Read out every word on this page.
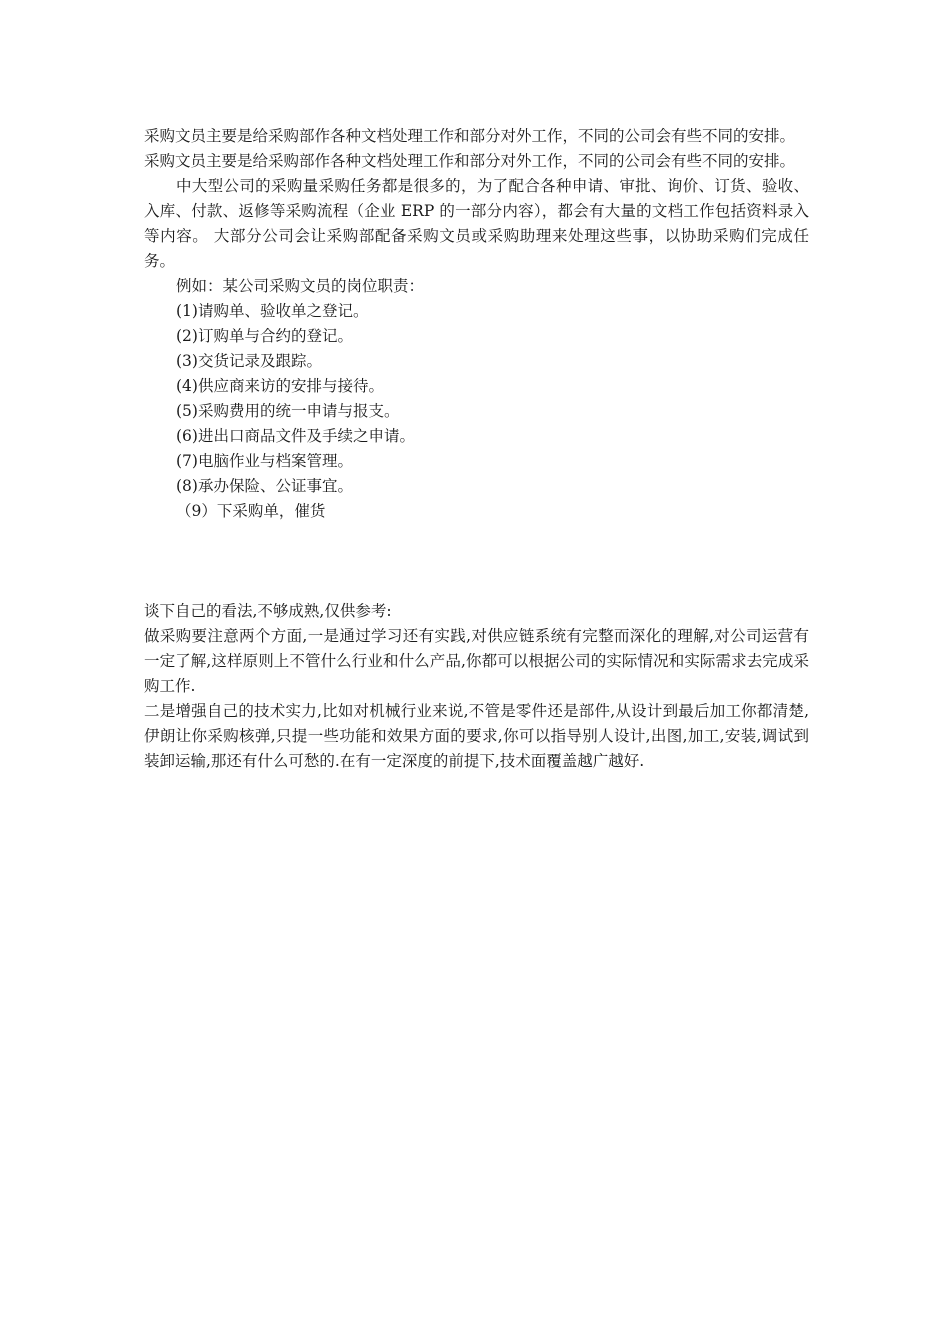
采购文员主要是给采购部作各种文档处理工作和部分对外工作，不同的公司会有些不同的安排。

采购文员主要是给采购部作各种文档处理工作和部分对外工作，不同的公司会有些不同的安排。

中大型公司的采购量采购任务都是很多的，为了配合各种申请、审批、询价、订货、验收、入库、付款、返修等采购流程（企业 ERP 的一部分内容），都会有大量的文档工作包括资料录入等内容。 大部分公司会让采购部配备采购文员或采购助理来处理这些事，以协助采购们完成任务。

例如：某公司采购文员的岗位职责：

(1)请购单、验收单之登记。

(2)订购单与合约的登记。

(3)交货记录及跟踪。

(4)供应商来访的安排与接待。

(5)采购费用的统一申请与报支。

(6)进出口商品文件及手续之申请。

(7)电脑作业与档案管理。

(8)承办保险、公证事宜。

（9）下采购单，催货

谈下自己的看法,不够成熟,仅供参考:

做采购要注意两个方面,一是通过学习还有实践,对供应链系统有完整而深化的理解,对公司运营有一定了解,这样原则上不管什么行业和什么产品,你都可以根据公司的实际情况和实际需求去完成采购工作.

二是增强自己的技术实力,比如对机械行业来说,不管是零件还是部件,从设计到最后加工你都清楚,伊朗让你采购核弹,只提一些功能和效果方面的要求,你可以指导别人设计,出图,加工,安装,调试到装卸运输,那还有什么可愁的.在有一定深度的前提下,技术面覆盖越广越好.
